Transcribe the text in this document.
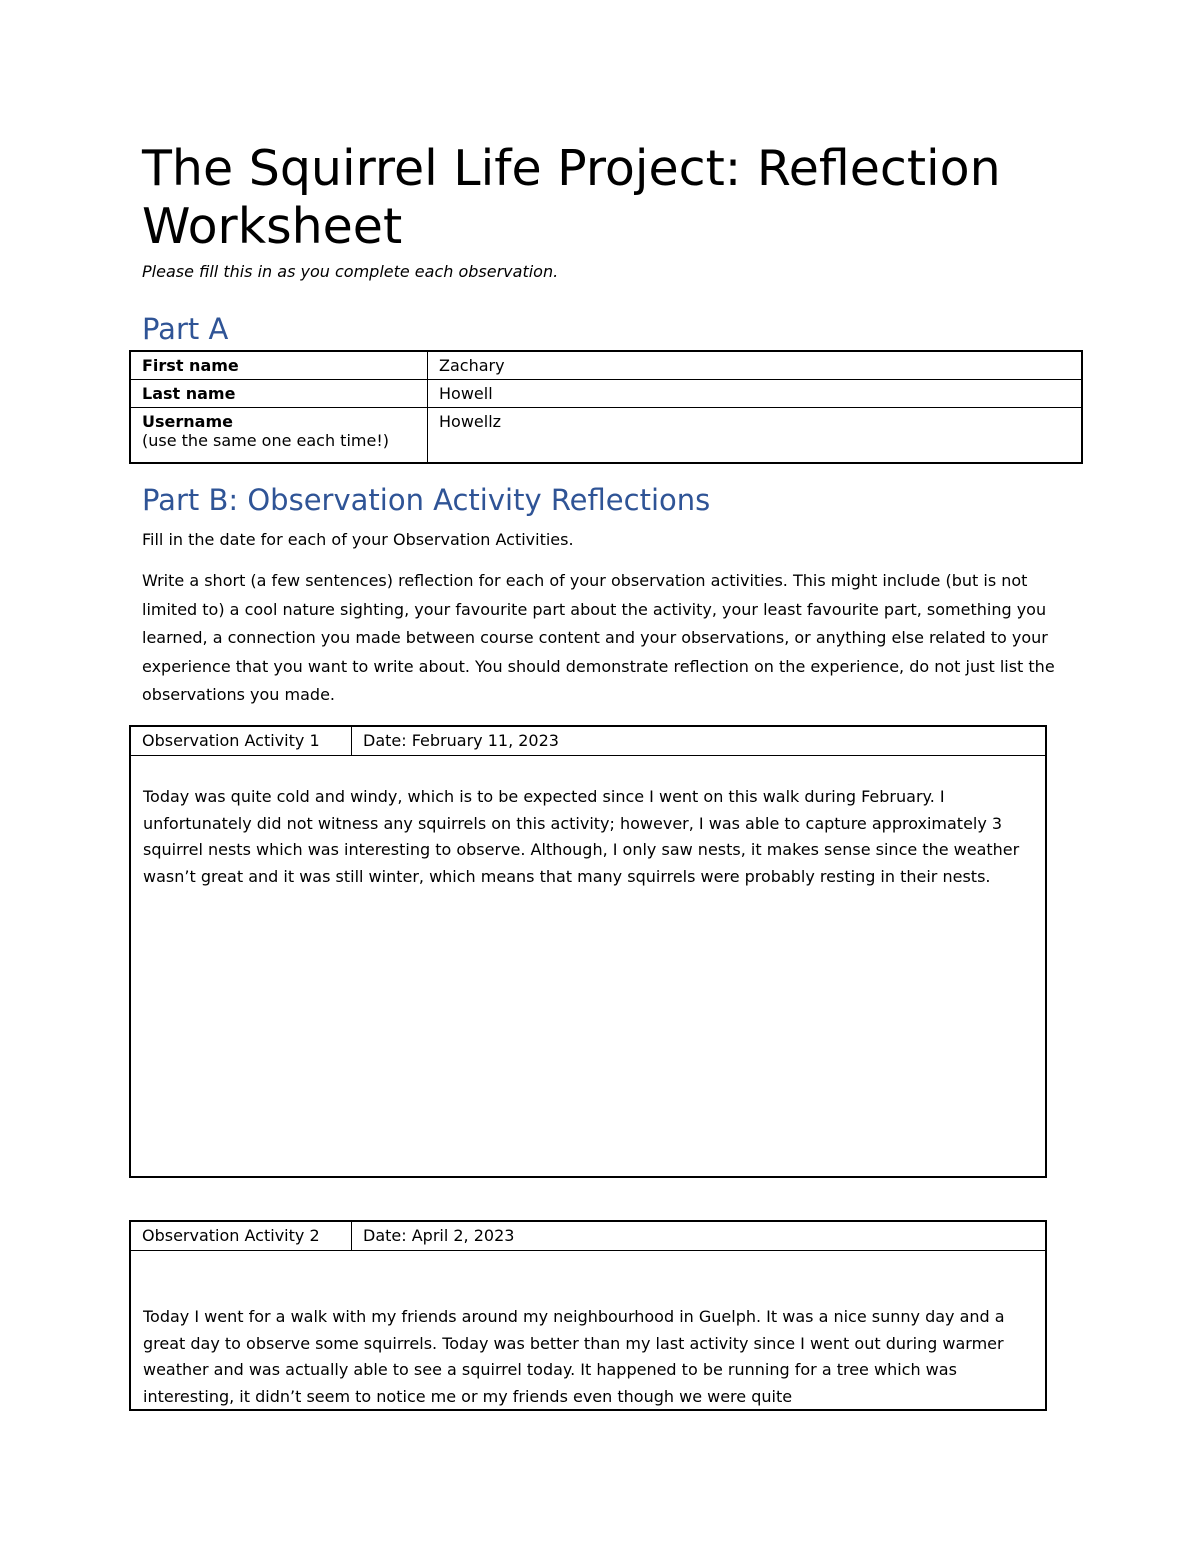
The Squirrel Life Project: Reflection Worksheet
Please fill this in as you complete each observation.
Part A
First name	Zachary
Last name	Howell
Username
(use the same one each time!)	Howellz
Part B: Observation Activity Reflections
Fill in the date for each of your Observation Activities.
Write a short (a few sentences) reflection for each of your observation activities. This might include (but is not limited to) a cool nature sighting, your favourite part about the activity, your least favourite part, something you learned, a connection you made between course content and your observations, or anything else related to your experience that you want to write about. You should demonstrate reflection on the experience, do not just list the observations you made.
Observation Activity 1	Date: February 11, 2023

Today was quite cold and windy, which is to be expected since I went on this walk during February. I unfortunately did not witness any squirrels on this activity; however, I was able to capture approximately 3 squirrel nests which was interesting to observe. Although, I only saw nests, it makes sense since the weather wasn’t great and it was still winter, which means that many squirrels were probably resting in their nests.

Observation Activity 2	Date: April 2, 2023

Today I went for a walk with my friends around my neighbourhood in Guelph. It was a nice sunny day and a great day to observe some squirrels. Today was better than my last activity since I went out during warmer weather and was actually able to see a squirrel today. It happened to be running for a tree which was interesting, it didn’t seem to notice me or my friends even though we were quite
